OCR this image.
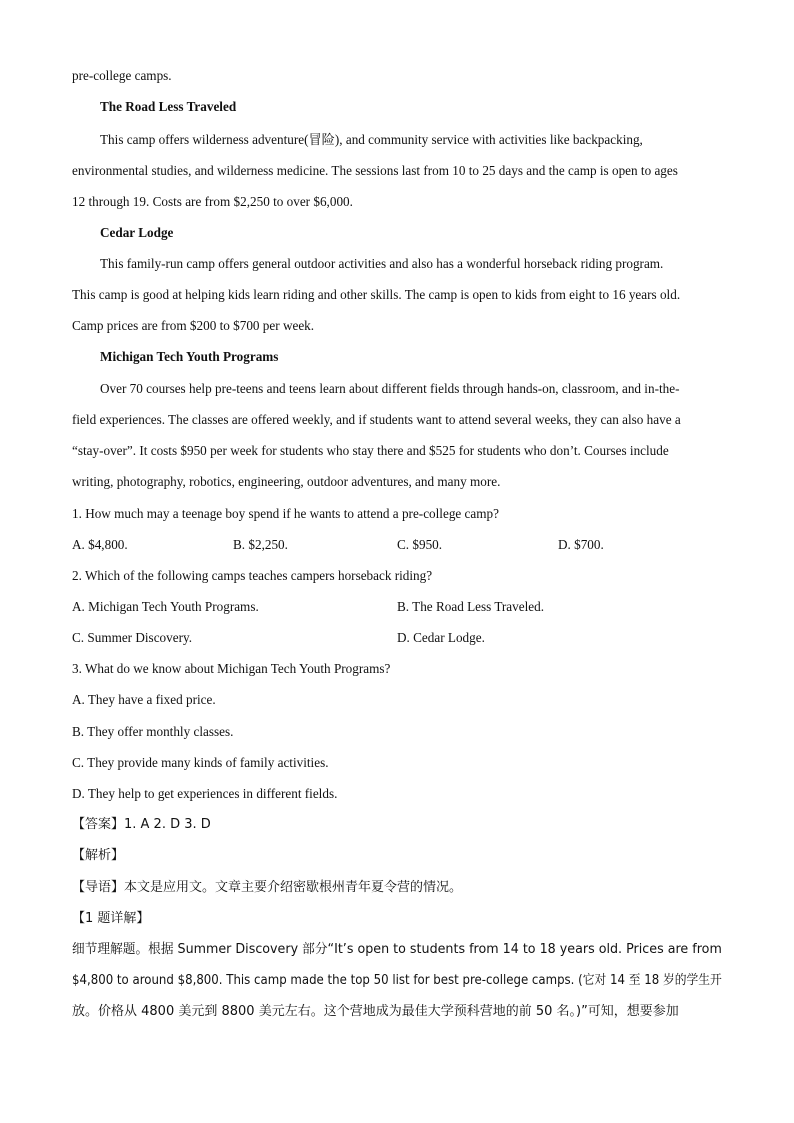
pre-college camps.
The Road Less Traveled
This camp offers wilderness adventure(冒险), and community service with activities like backpacking,
environmental studies, and wilderness medicine. The sessions last from 10 to 25 days and the camp is open to ages
12 through 19. Costs are from $2,250 to over $6,000.
Cedar Lodge
This family-run camp offers general outdoor activities and also has a wonderful horseback riding program.
This camp is good at helping kids learn riding and other skills. The camp is open to kids from eight to 16 years old.
Camp prices are from $200 to $700 per week.
Michigan Tech Youth Programs
Over 70 courses help pre-teens and teens learn about different fields through hands-on, classroom, and in-the-
field experiences. The classes are offered weekly, and if students want to attend several weeks, they can also have a
“stay-over”. It costs $950 per week for students who stay there and $525 for students who don’t. Courses include
writing, photography, robotics, engineering, outdoor adventures, and many more.
1. How much may a teenage boy spend if he wants to attend a pre-college camp?
A. $4,800.	B. $2,250.	C. $950.	D. $700.
2. Which of the following camps teaches campers horseback riding?
A. Michigan Tech Youth Programs.	B. The Road Less Traveled.
C. Summer Discovery.	D. Cedar Lodge.
3. What do we know about Michigan Tech Youth Programs?
A. They have a fixed price.
B. They offer monthly classes.
C. They provide many kinds of family activities.
D. They help to get experiences in different fields.
【答案】1. A 2. D 3. D
【解析】
【导语】本文是应用文。文章主要介绍密歇根州青年夏令营的情况。
【1 题详解】
细节理解题。根据 Summer Discovery 部分“It’s open to students from 14 to 18 years old. Prices are from
$4,800 to around $8,800. This camp made the top 50 list for best pre-college camps. (它对 14 至 18 岁的学生开
放。价格从 4800 美元到 8800 美元左右。这个营地成为最佳大学预科营地的前 50 名。)”可知，想要参加
